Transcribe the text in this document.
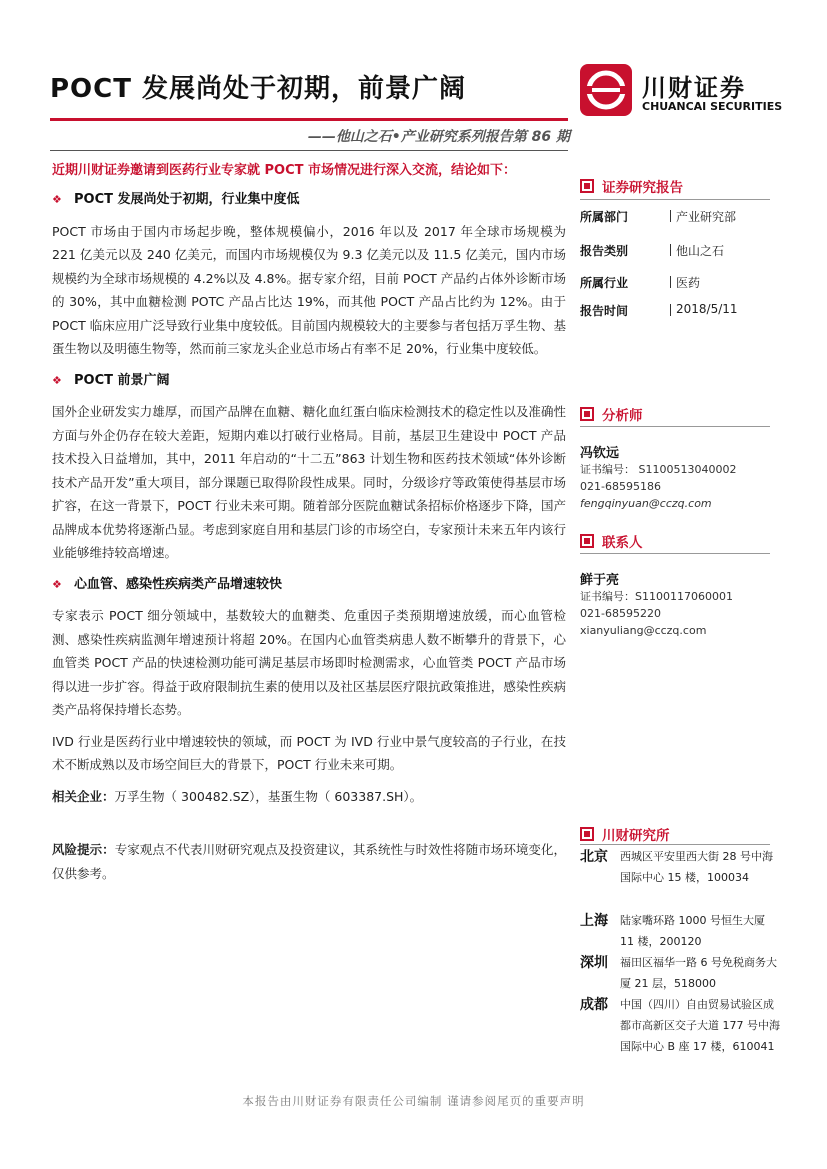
POCT 发展尚处于初期，前景广阔	川财证券
CHUANCAI SECURITIES
——他山之石•产业研究系列报告第 86 期

近期川财证券邀请到医药行业专家就 POCT 市场情况进行深入交流，结论如下：

❖ POCT 发展尚处于初期，行业集中度低

POCT 市场由于国内市场起步晚，整体规模偏小，2016 年以及 2017 年全球市场规模为 221 亿美元以及 240 亿美元，而国内市场规模仅为 9.3 亿美元以及 11.5 亿美元，国内市场规模约为全球市场规模的 4.2%以及 4.8%。据专家介绍，目前 POCT 产品约占体外诊断市场的 30%，其中血糖检测 POTC 产品占比达 19%，而其他 POCT 产品占比约为 12%。由于 POCT 临床应用广泛导致行业集中度较低。目前国内规模较大的主要参与者包括万孚生物、基蛋生物以及明德生物等，然而前三家龙头企业总市场占有率不足 20%，行业集中度较低。

❖ POCT 前景广阔

国外企业研发实力雄厚，而国产品牌在血糖、糖化血红蛋白临床检测技术的稳定性以及准确性方面与外企仍存在较大差距，短期内难以打破行业格局。目前，基层卫生建设中 POCT 产品技术投入日益增加，其中，2011 年启动的“十二五”863 计划生物和医药技术领域“体外诊断技术产品开发”重大项目，部分课题已取得阶段性成果。同时，分级诊疗等政策使得基层市场扩容，在这一背景下，POCT 行业未来可期。随着部分医院血糖试条招标价格逐步下降，国产品牌成本优势将逐渐凸显。考虑到家庭自用和基层门诊的市场空白，专家预计未来五年内该行业能够维持较高增速。

❖ 心血管、感染性疾病类产品增速较快

专家表示 POCT 细分领域中，基数较大的血糖类、危重因子类预期增速放缓，而心血管检测、感染性疾病监测年增速预计将超 20%。在国内心血管类病患人数不断攀升的背景下，心血管类 POCT 产品的快速检测功能可满足基层市场即时检测需求，心血管类 POCT 产品市场得以进一步扩容。得益于政府限制抗生素的使用以及社区基层医疗限抗政策推进，感染性疾病类产品将保持增长态势。

IVD 行业是医药行业中增速较快的领域，而 POCT 为 IVD 行业中景气度较高的子行业，在技术不断成熟以及市场空间巨大的背景下，POCT 行业未来可期。

相关企业：万孚生物（ 300482.SZ），基蛋生物（ 603387.SH）。

风险提示：专家观点不代表川财研究观点及投资建议，其系统性与时效性将随市场环境变化，仅供参考。

证券研究报告
所属部门	产业研究部
报告类别	他山之石
所属行业	医药
报告时间	2018/5/11
分析师
冯钦远
证书编号： S1100513040002
021-68595186
fengqinyuan@cczq.com
联系人
鲜于亮
证书编号：S1100117060001
021-68595220
xianyuliang@cczq.com
川财研究所
北京 西城区平安里西大街 28 号中海国际中心 15 楼，100034
上海 陆家嘴环路 1000 号恒生大厦 11 楼，200120
深圳 福田区福华一路 6 号免税商务大厦 21 层，518000
成都 中国（四川）自由贸易试验区成都市高新区交子大道 177 号中海国际中心 B 座 17 楼，610041
本报告由川财证券有限责任公司编制 谨请参阅尾页的重要声明
